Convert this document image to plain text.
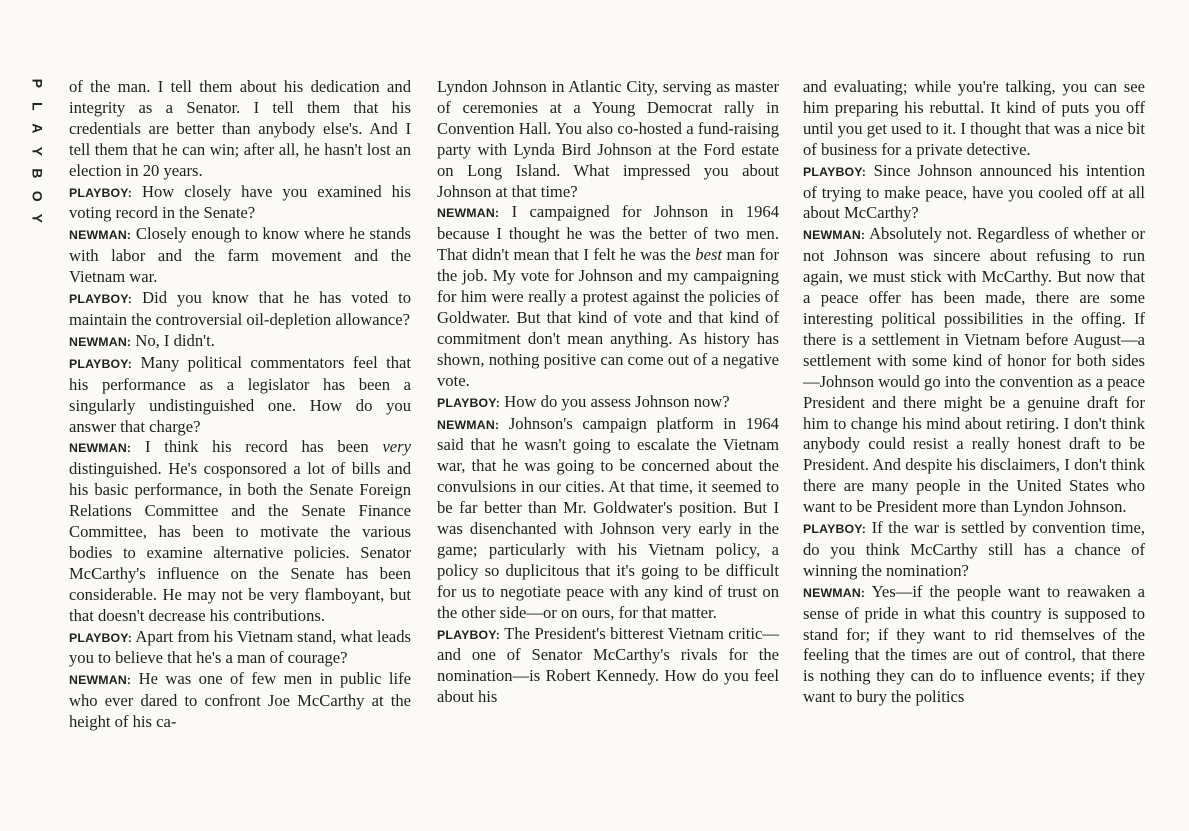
P
L
A
Y
B
O
Y

of the man. I tell them about his dedication and integrity as a Senator. I tell them that his credentials are better than anybody else's. And I tell them that he can win; after all, he hasn't lost an election in 20 years.

PLAYBOY: How closely have you examined his voting record in the Senate?

NEWMAN: Closely enough to know where he stands with labor and the farm movement and the Vietnam war.

PLAYBOY: Did you know that he has voted to maintain the controversial oil-depletion allowance?

NEWMAN: No, I didn't.

PLAYBOY: Many political commentators feel that his performance as a legislator has been a singularly undistinguished one. How do you answer that charge?

NEWMAN: I think his record has been very distinguished. He's cosponsored a lot of bills and his basic performance, in both the Senate Foreign Relations Committee and the Senate Finance Committee, has been to motivate the various bodies to examine alternative policies. Senator McCarthy's influence on the Senate has been considerable. He may not be very flamboyant, but that doesn't decrease his contributions.

PLAYBOY: Apart from his Vietnam stand, what leads you to believe that he's a man of courage?

NEWMAN: He was one of few men in public life who ever dared to confront Joe McCarthy at the height of his ca-

Lyndon Johnson in Atlantic City, serving as master of ceremonies at a Young Democrat rally in Convention Hall. You also co-hosted a fund-raising party with Lynda Bird Johnson at the Ford estate on Long Island. What impressed you about Johnson at that time?

NEWMAN: I campaigned for Johnson in 1964 because I thought he was the better of two men. That didn't mean that I felt he was the best man for the job. My vote for Johnson and my campaigning for him were really a protest against the policies of Goldwater. But that kind of vote and that kind of commitment don't mean anything. As history has shown, nothing positive can come out of a negative vote.

PLAYBOY: How do you assess Johnson now?

NEWMAN: Johnson's campaign platform in 1964 said that he wasn't going to escalate the Vietnam war, that he was going to be concerned about the convulsions in our cities. At that time, it seemed to be far better than Mr. Goldwater's position. But I was disenchanted with Johnson very early in the game; particularly with his Vietnam policy, a policy so duplicitous that it's going to be difficult for us to negotiate peace with any kind of trust on the other side—or on ours, for that matter.

PLAYBOY: The President's bitterest Vietnam critic—and one of Senator McCarthy's rivals for the nomination—is Robert Kennedy. How do you feel about his

and evaluating; while you're talking, you can see him preparing his rebuttal. It kind of puts you off until you get used to it. I thought that was a nice bit of business for a private detective.

PLAYBOY: Since Johnson announced his intention of trying to make peace, have you cooled off at all about McCarthy?

NEWMAN: Absolutely not. Regardless of whether or not Johnson was sincere about refusing to run again, we must stick with McCarthy. But now that a peace offer has been made, there are some interesting political possibilities in the offing. If there is a settlement in Vietnam before August—a settlement with some kind of honor for both sides—Johnson would go into the convention as a peace President and there might be a genuine draft for him to change his mind about retiring. I don't think anybody could resist a really honest draft to be President. And despite his disclaimers, I don't think there are many people in the United States who want to be President more than Lyndon Johnson.

PLAYBOY: If the war is settled by convention time, do you think McCarthy still has a chance of winning the nomination?

NEWMAN: Yes—if the people want to reawaken a sense of pride in what this country is supposed to stand for; if they want to rid themselves of the feeling that the times are out of control, that there is nothing they can do to influence events; if they want to bury the politics
